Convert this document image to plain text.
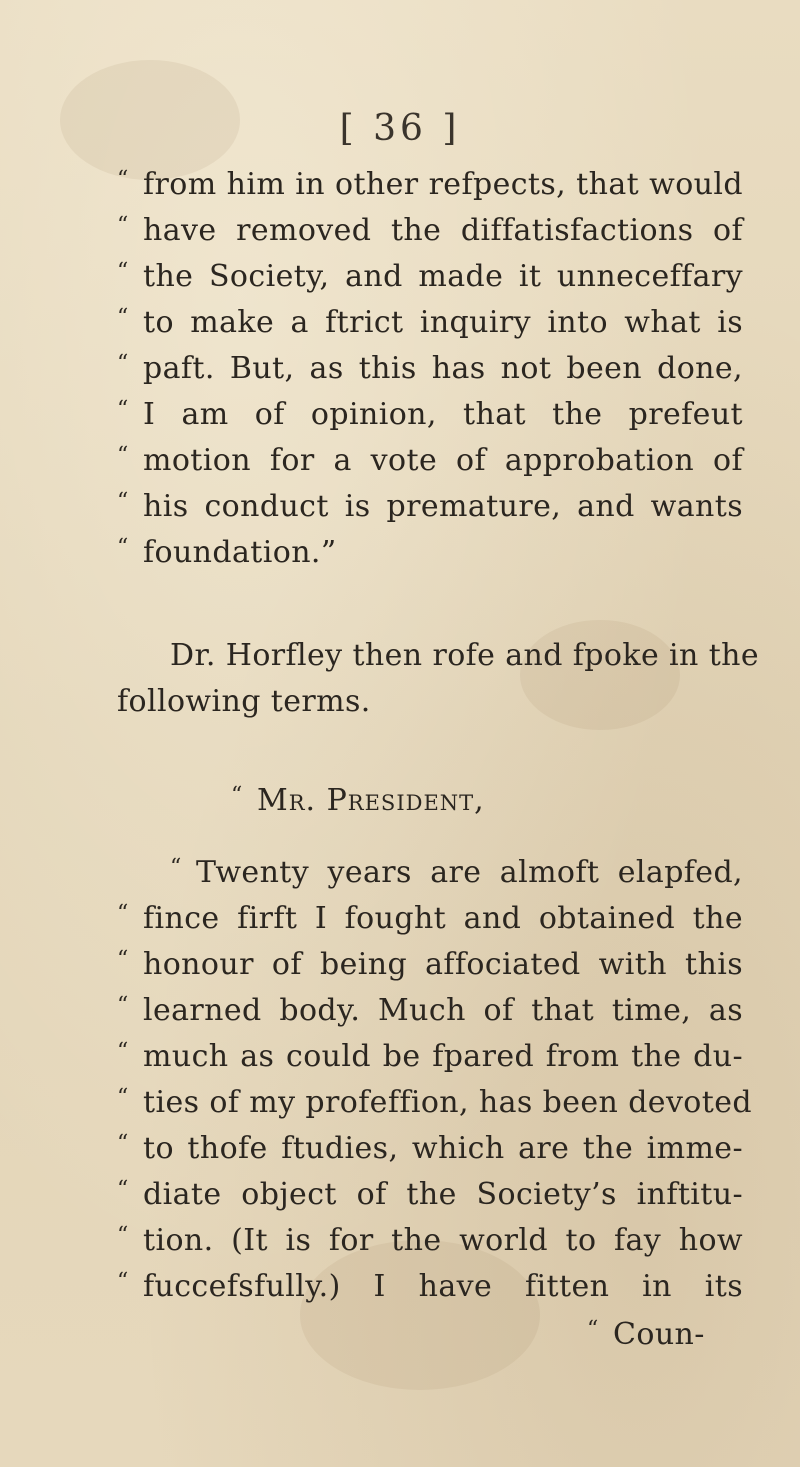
[ 36 ]
“ from him in other refpects, that would
“ have removed the diffatisfactions of
“ the Society, and made it unneceffary
“ to make a ftrict inquiry into what is
“ paft. But, as this has not been done,
“ I am of opinion, that the prefeut
“ motion for a vote of approbation of
“ his conduct is premature, and wants
“ foundation.”
Dr. Horfley then rofe and fpoke in the
following terms.
“ Mr. President,
“ Twenty years are almoft elapfed,
“ fince firft I fought and obtained the
“ honour of being affociated with this
“ learned body. Much of that time, as
“ much as could be fpared from the du-
“ ties of my profeffion, has been devoted
“ to thofe ftudies, which are the imme-
“ diate object of the Society’s inftitu-
“ tion. (It is for the world to fay how
“ fuccefsfully.) I have fitten in its
“ Coun-
